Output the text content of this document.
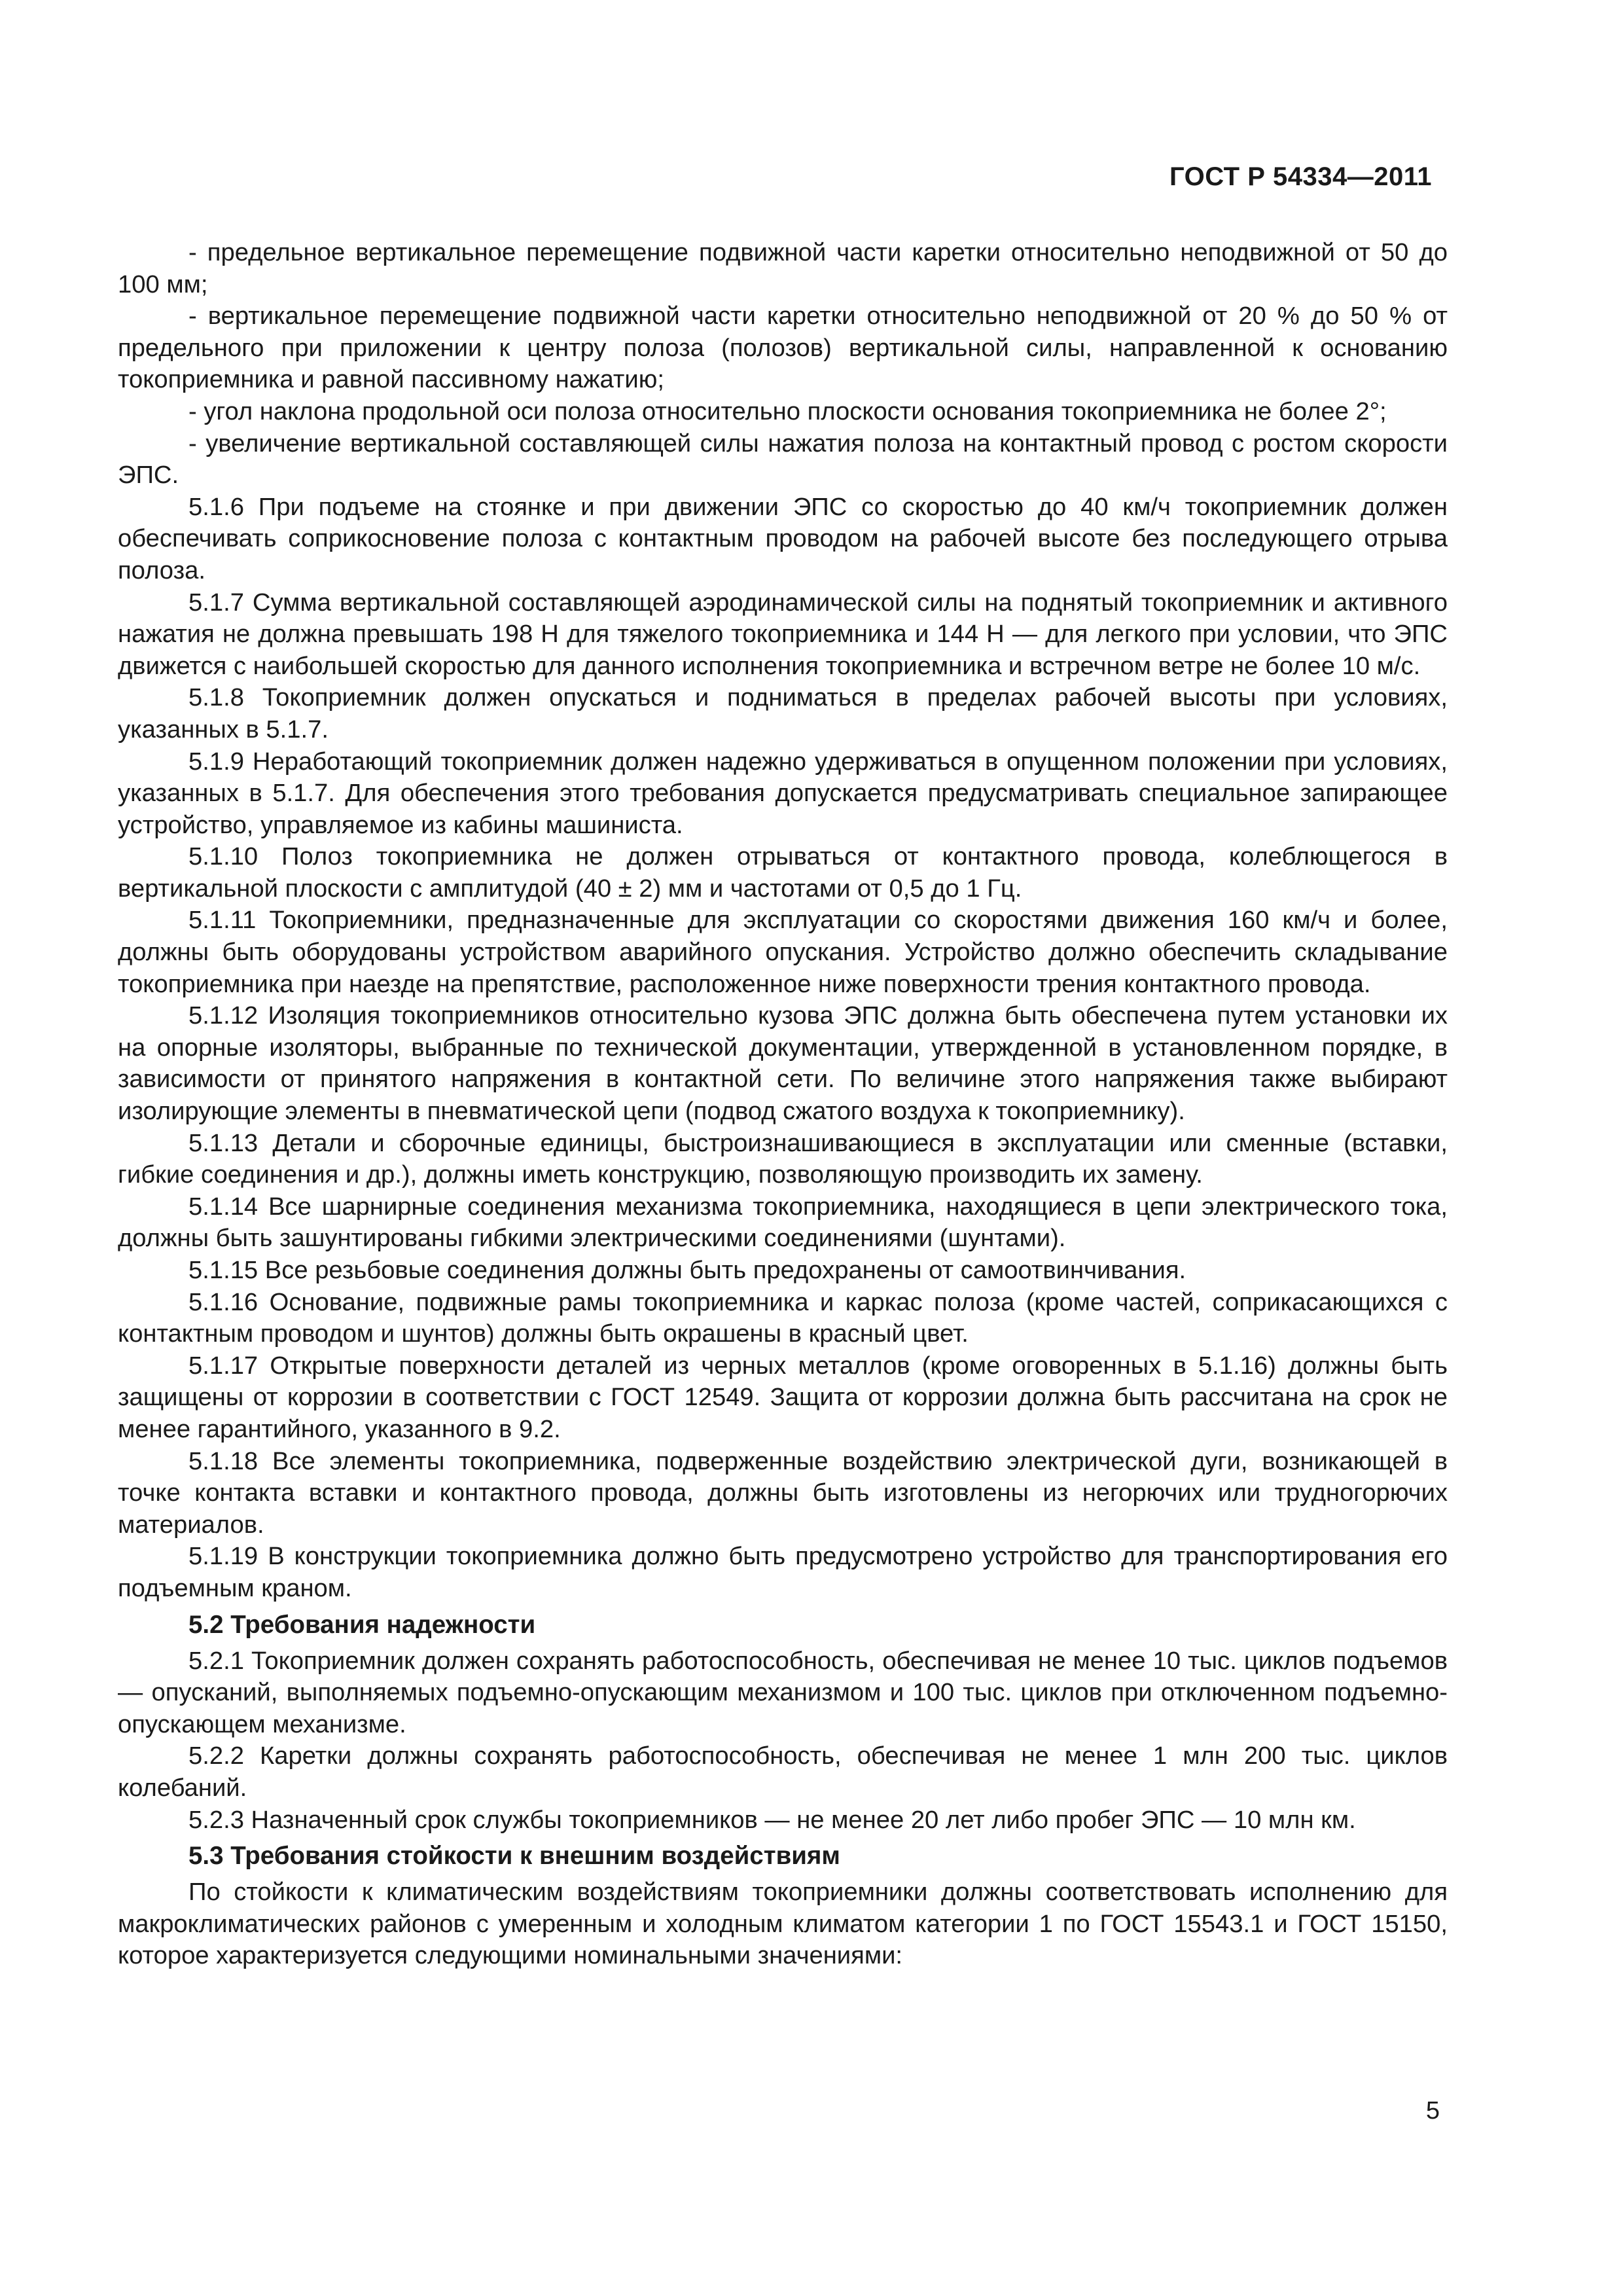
ГОСТ Р 54334—2011

- предельное вертикальное перемещение подвижной части каретки относительно неподвижной от 50 до 100 мм;

- вертикальное перемещение подвижной части каретки относительно неподвижной от 20 % до 50 % от предельного при приложении к центру полоза (полозов) вертикальной силы, направленной к основанию токоприемника и равной пассивному нажатию;

- угол наклона продольной оси полоза относительно плоскости основания токоприемника не более 2°;

- увеличение вертикальной составляющей силы нажатия полоза на контактный провод с ростом скорости ЭПС.

5.1.6 При подъеме на стоянке и при движении ЭПС со скоростью до 40 км/ч токоприемник должен обеспечивать соприкосновение полоза с контактным проводом на рабочей высоте без последующего отрыва полоза.

5.1.7 Сумма вертикальной составляющей аэродинамической силы на поднятый токоприемник и активного нажатия не должна превышать 198 Н для тяжелого токоприемника и 144 Н — для легкого при условии, что ЭПС движется с наибольшей скоростью для данного исполнения токоприемника и встречном ветре не более 10 м/с.

5.1.8 Токоприемник должен опускаться и подниматься в пределах рабочей высоты при условиях, указанных в 5.1.7.

5.1.9 Неработающий токоприемник должен надежно удерживаться в опущенном положении при условиях, указанных в 5.1.7. Для обеспечения этого требования допускается предусматривать специальное запирающее устройство, управляемое из кабины машиниста.

5.1.10 Полоз токоприемника не должен отрываться от контактного провода, колеблющегося в вертикальной плоскости с амплитудой (40 ± 2) мм и частотами от 0,5 до 1 Гц.

5.1.11 Токоприемники, предназначенные для эксплуатации со скоростями движения 160 км/ч и более, должны быть оборудованы устройством аварийного опускания. Устройство должно обеспечить складывание токоприемника при наезде на препятствие, расположенное ниже поверхности трения контактного провода.

5.1.12 Изоляция токоприемников относительно кузова ЭПС должна быть обеспечена путем установки их на опорные изоляторы, выбранные по технической документации, утвержденной в установленном порядке, в зависимости от принятого напряжения в контактной сети. По величине этого напряжения также выбирают изолирующие элементы в пневматической цепи (подвод сжатого воздуха к токоприемнику).

5.1.13 Детали и сборочные единицы, быстроизнашивающиеся в эксплуатации или сменные (вставки, гибкие соединения и др.), должны иметь конструкцию, позволяющую производить их замену.

5.1.14 Все шарнирные соединения механизма токоприемника, находящиеся в цепи электрического тока, должны быть зашунтированы гибкими электрическими соединениями (шунтами).

5.1.15 Все резьбовые соединения должны быть предохранены от самоотвинчивания.

5.1.16 Основание, подвижные рамы токоприемника и каркас полоза (кроме частей, соприкасающихся с контактным проводом и шунтов) должны быть окрашены в красный цвет.

5.1.17 Открытые поверхности деталей из черных металлов (кроме оговоренных в 5.1.16) должны быть защищены от коррозии в соответствии с ГОСТ 12549. Защита от коррозии должна быть рассчитана на срок не менее гарантийного, указанного в 9.2.

5.1.18 Все элементы токоприемника, подверженные воздействию электрической дуги, возникающей в точке контакта вставки и контактного провода, должны быть изготовлены из негорючих или трудногорючих материалов.

5.1.19 В конструкции токоприемника должно быть предусмотрено устройство для транспортирования его подъемным краном.

5.2 Требования надежности

5.2.1 Токоприемник должен сохранять работоспособность, обеспечивая не менее 10 тыс. циклов подъемов — опусканий, выполняемых подъемно-опускающим механизмом и 100 тыс. циклов при отключенном подъемно-опускающем механизме.

5.2.2 Каретки должны сохранять работоспособность, обеспечивая не менее 1 млн 200 тыс. циклов колебаний.

5.2.3 Назначенный срок службы токоприемников — не менее 20 лет либо пробег ЭПС — 10 млн км.

5.3 Требования стойкости к внешним воздействиям

По стойкости к климатическим воздействиям токоприемники должны соответствовать исполнению для макроклиматических районов с умеренным и холодным климатом категории 1 по ГОСТ 15543.1 и ГОСТ 15150, которое характеризуется следующими номинальными значениями:

5
